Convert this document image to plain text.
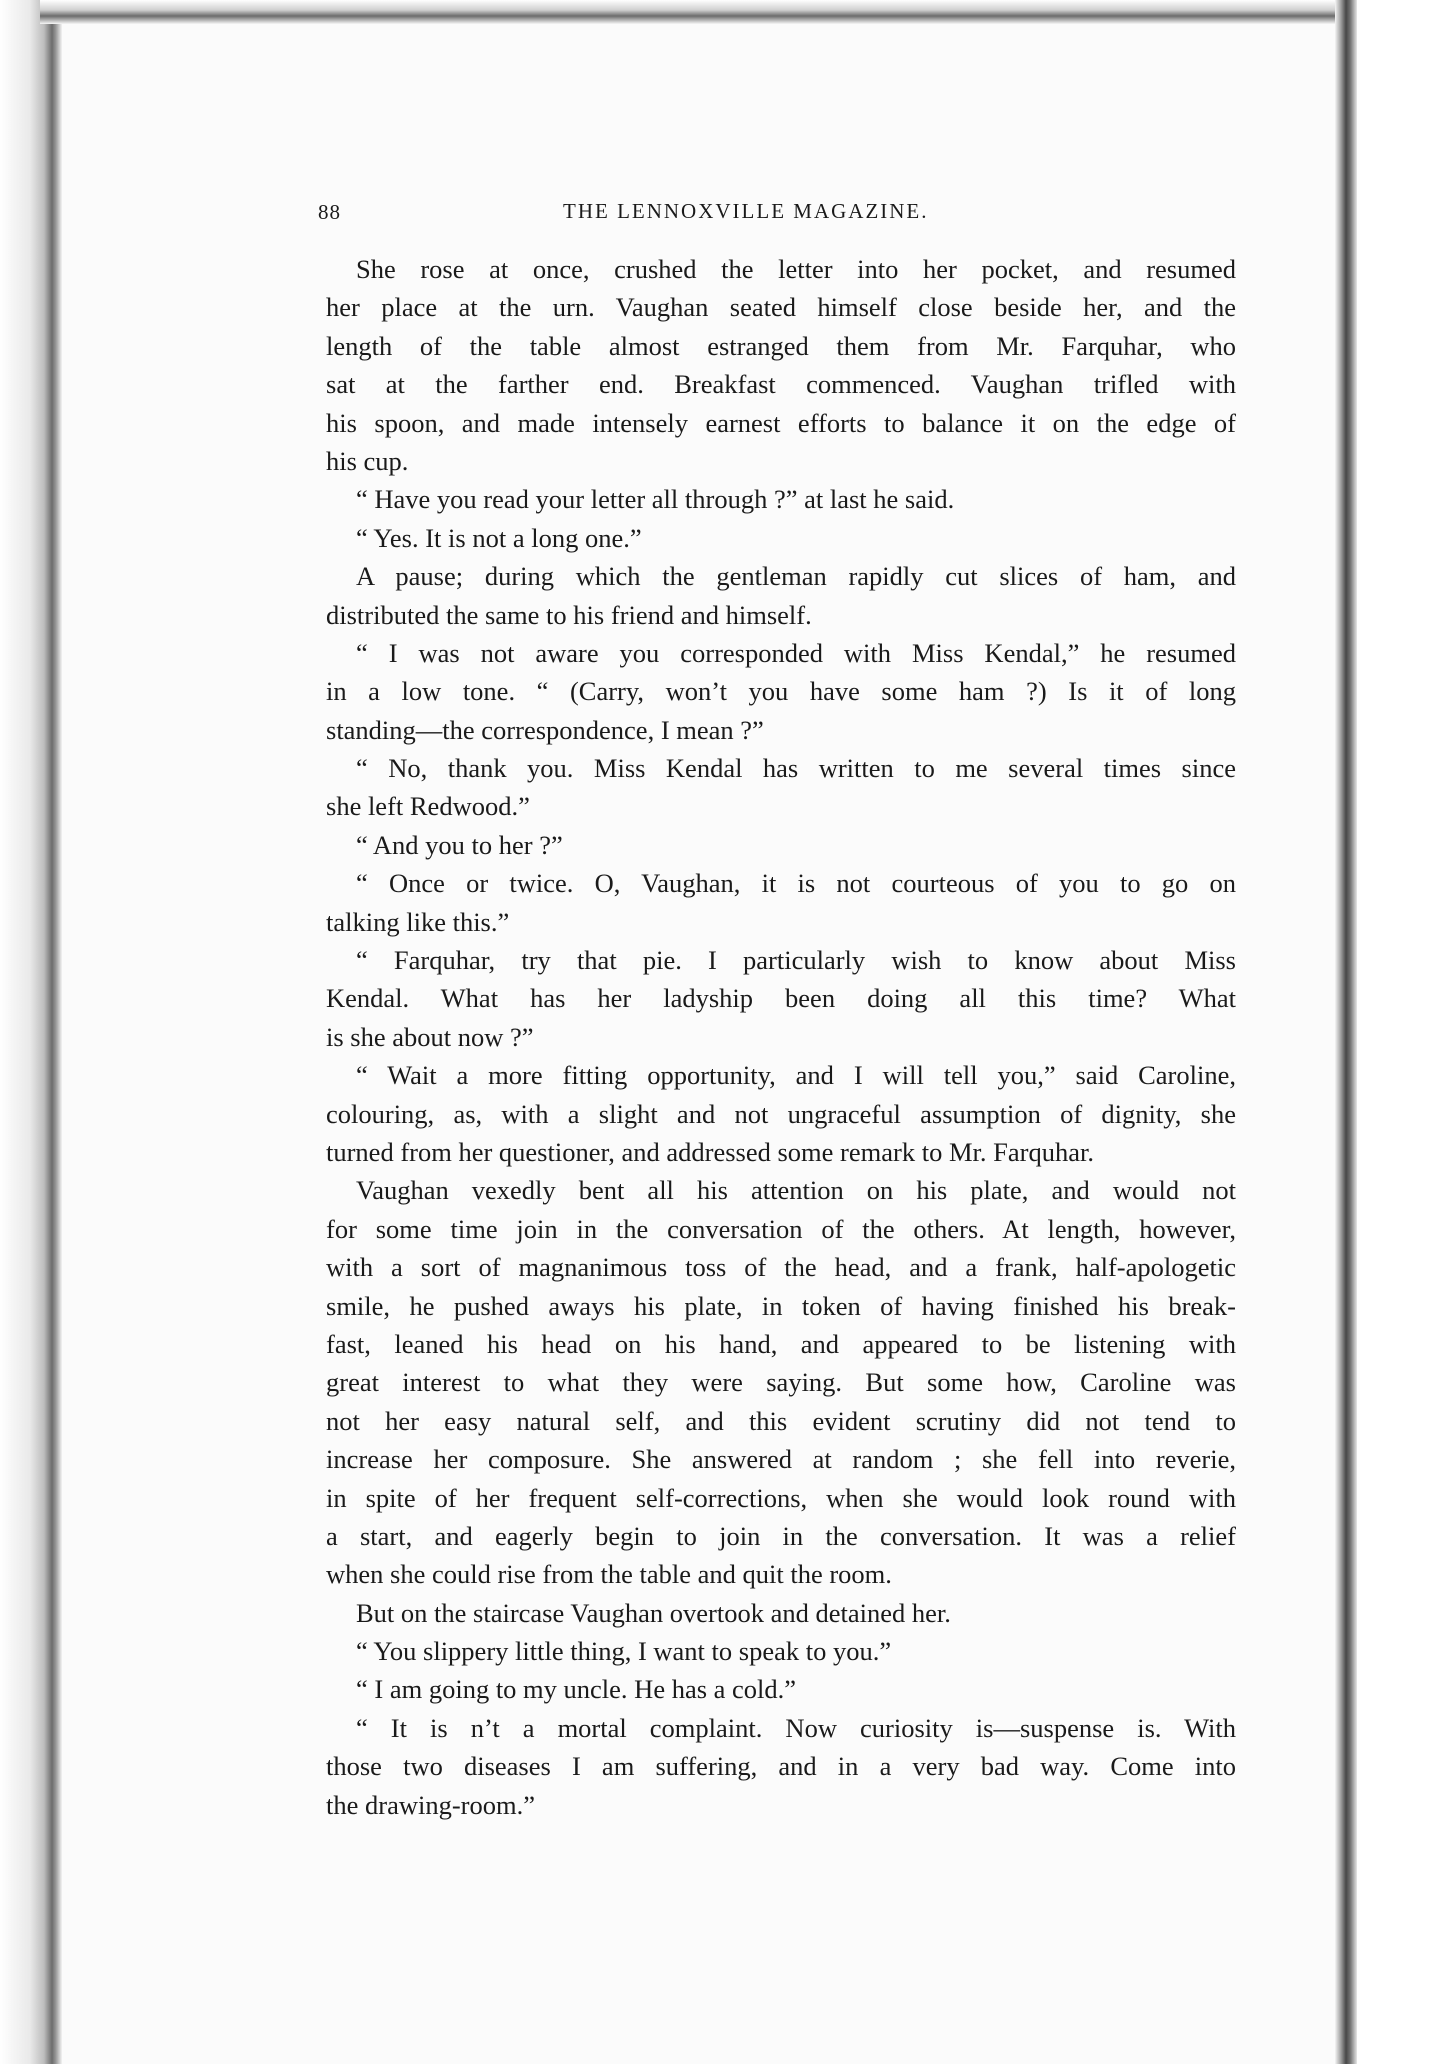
88	THE LENNOXVILLE MAGAZINE.
She rose at once, crushed the letter into her pocket, and resumed
her place at the urn. Vaughan seated himself close beside her, and the
length of the table almost estranged them from Mr. Farquhar, who
sat at the farther end. Breakfast commenced. Vaughan trifled with
his spoon, and made intensely earnest efforts to balance it on the edge of
his cup.
“ Have you read your letter all through ?” at last he said.
“ Yes. It is not a long one.”
A pause; during which the gentleman rapidly cut slices of ham, and
distributed the same to his friend and himself.
“ I was not aware you corresponded with Miss Kendal,” he resumed
in a low tone. “ (Carry, won’t you have some ham ?) Is it of long
standing—the correspondence, I mean ?”
“ No, thank you. Miss Kendal has written to me several times since
she left Redwood.”
“ And you to her ?”
“ Once or twice. O, Vaughan, it is not courteous of you to go on
talking like this.”
“ Farquhar, try that pie. I particularly wish to know about Miss
Kendal. What has her ladyship been doing all this time? What
is she about now ?”
“ Wait a more fitting opportunity, and I will tell you,” said Caroline,
colouring, as, with a slight and not ungraceful assumption of dignity, she
turned from her questioner, and addressed some remark to Mr. Farquhar.
Vaughan vexedly bent all his attention on his plate, and would not
for some time join in the conversation of the others. At length, however,
with a sort of magnanimous toss of the head, and a frank, half-apologetic
smile, he pushed aways his plate, in token of having finished his break-
fast, leaned his head on his hand, and appeared to be listening with
great interest to what they were saying. But some how, Caroline was
not her easy natural self, and this evident scrutiny did not tend to
increase her composure. She answered at random ; she fell into reverie,
in spite of her frequent self-corrections, when she would look round with
a start, and eagerly begin to join in the conversation. It was a relief
when she could rise from the table and quit the room.
But on the staircase Vaughan overtook and detained her.
“ You slippery little thing, I want to speak to you.”
“ I am going to my uncle. He has a cold.”
“ It is n’t a mortal complaint. Now curiosity is—suspense is. With
those two diseases I am suffering, and in a very bad way. Come into
the drawing-room.”
